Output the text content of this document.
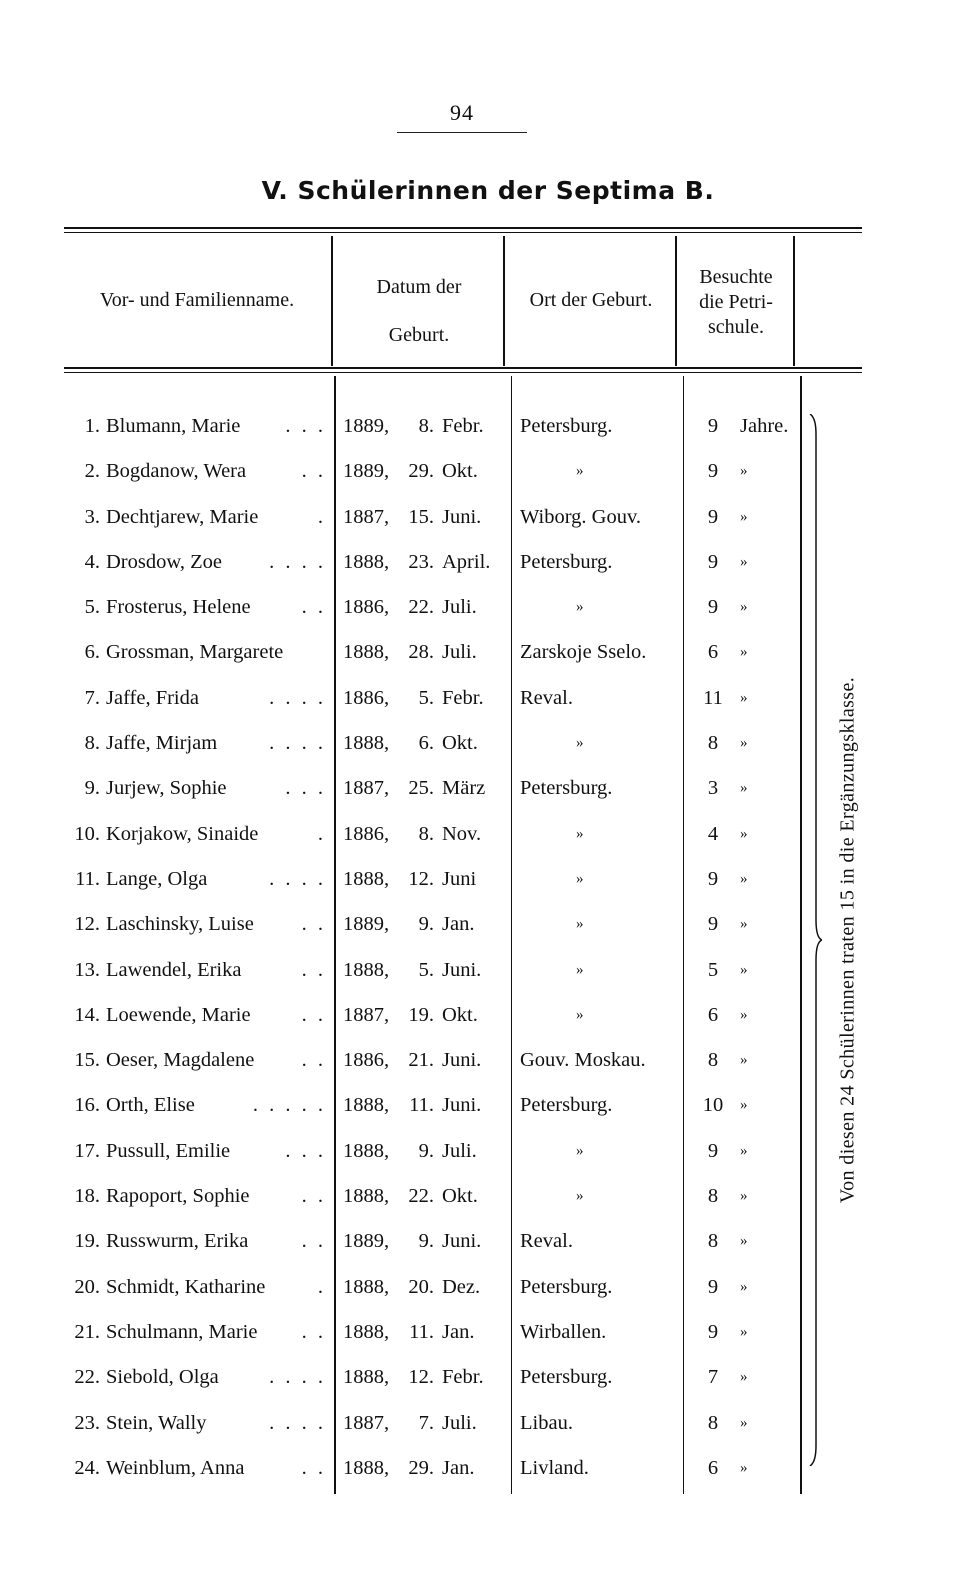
94
V. Schülerinnen der Septima B.
Vor- und Familienname.
Datum der
Geburt.
Ort der Geburt.
Besuchte
die Petri-
schule.
1. Blumann, Marie	. . . 1889,	8. Febr. Petersburg.	9	Jahre.
2. Bogdanow, Wera	. . 1889, 29. Okt.	»	9	»
3. Dechtjarew, Marie	. 1887, 15. Juni. Wiborg. Gouv.	9	»
4. Drosdow, Zoe	. . . . 1888, 23. April. Petersburg.	9	»
5. Frosterus, Helene	. . 1886, 22. Juli.	»	9	»
6. Grossman, Margarete	1888, 28. Juli. Zarskoje Sselo.	6	»
7. Jaffe, Frida	. . . . 1886,	5. Febr. Reval.	11	»
8. Jaffe, Mirjam	. . . . 1888,	6. Okt.	»	8	»
9. Jurjew, Sophie	. . . 1887, 25. März Petersburg.	3	»
10. Korjakow, Sinaide	. 1886,	8. Nov.	»	4	»
11. Lange, Olga	. . . . 1888, 12. Juni	»	9	»
12. Laschinsky, Luise	. . 1889,	9. Jan.	»	9	»
13. Lawendel, Erika	. . 1888,	5. Juni.	»	5	»
14. Loewende, Marie	. . 1887, 19. Okt.	»	6	»
15. Oeser, Magdalene	. . 1886, 21. Juni. Gouv. Moskau.	8	»
16. Orth, Elise	. . . . . 1888, 11. Juni. Petersburg.	10	»
17. Pussull, Emilie	. . . 1888,	9. Juli.	»	9	»
18. Rapoport, Sophie	. . 1888, 22. Okt.	»	8	»
19. Russwurm, Erika	. . 1889,	9. Juni. Reval.	8	»
20. Schmidt, Katharine	. 1888, 20. Dez. Petersburg.	9	»
21. Schulmann, Marie	. . 1888, 11. Jan. Wirballen.	9	»
22. Siebold, Olga	. . . . 1888, 12. Febr. Petersburg.	7	»
23. Stein, Wally	. . . . 1887,	7. Juli. Libau.	8	»
24. Weinblum, Anna	. . 1888, 29. Jan. Livland.	6	»
Von diesen 24 Schülerinnen traten 15 in die Ergänzungsklasse.
